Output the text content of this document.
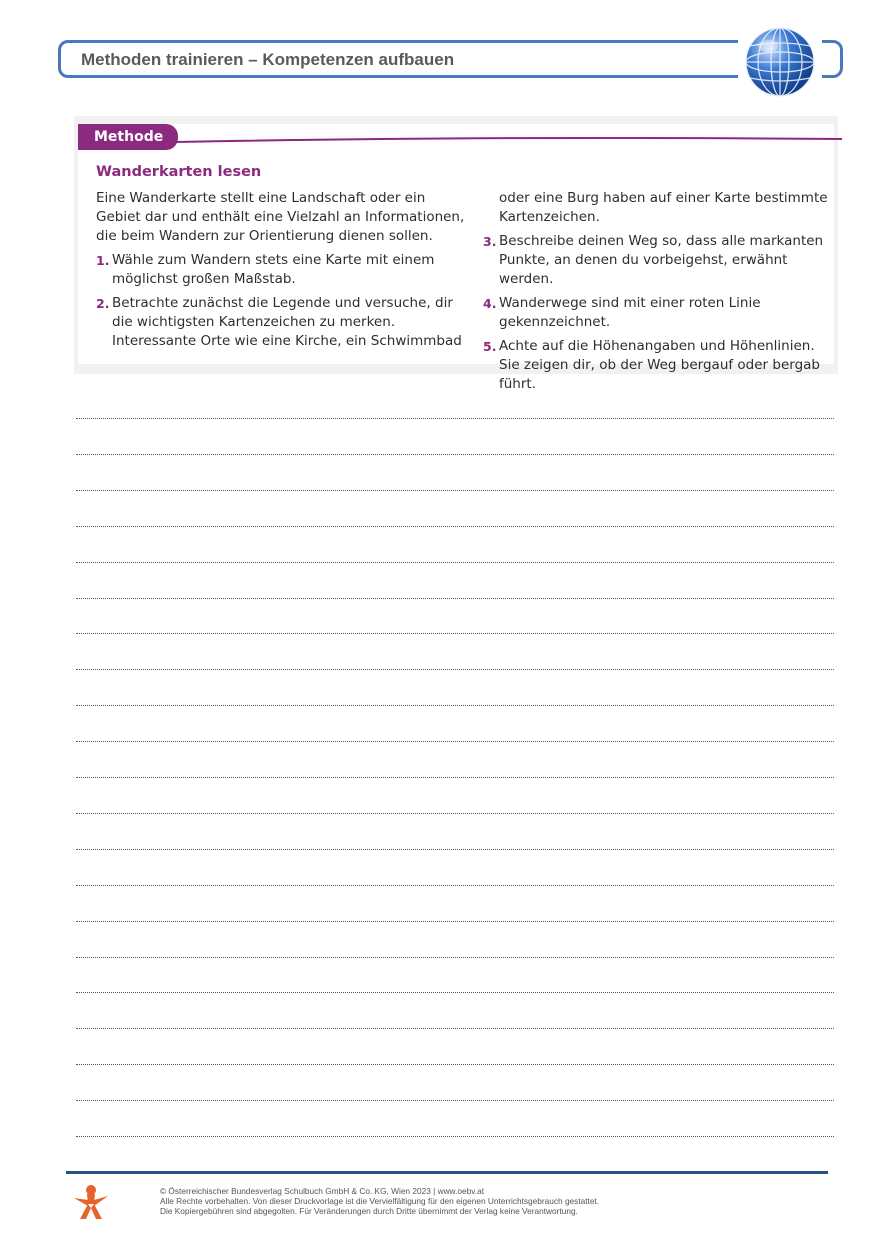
Methoden trainieren – Kompetenzen aufbauen
Methode
Wanderkarten lesen

Eine Wanderkarte stellt eine Landschaft oder ein Gebiet dar und enthält eine Vielzahl an Informationen, die beim Wandern zur Orientierung dienen sollen.

1. Wähle zum Wandern stets eine Karte mit einem möglichst großen Maßstab.
2. Betrachte zunächst die Legende und versuche, dir die wichtigsten Kartenzeichen zu merken. Interessante Orte wie eine Kirche, ein Schwimmbad
oder eine Burg haben auf einer Karte bestimmte Kartenzeichen.
3. Beschreibe deinen Weg so, dass alle markanten Punkte, an denen du vorbeigehst, erwähnt werden.
4. Wanderwege sind mit einer roten Linie gekennzeichnet.
5. Achte auf die Höhenangaben und Höhenlinien. Sie zeigen dir, ob der Weg bergauf oder bergab führt.
© Österreichischer Bundesverlag Schulbuch GmbH & Co. KG, Wien 2023 | www.oebv.at
Alle Rechte vorbehalten. Von dieser Druckvorlage ist die Vervielfältigung für den eigenen Unterrichtsgebrauch gestattet.
Die Kopiergebühren sind abgegolten. Für Veränderungen durch Dritte übernimmt der Verlag keine Verantwortung.
